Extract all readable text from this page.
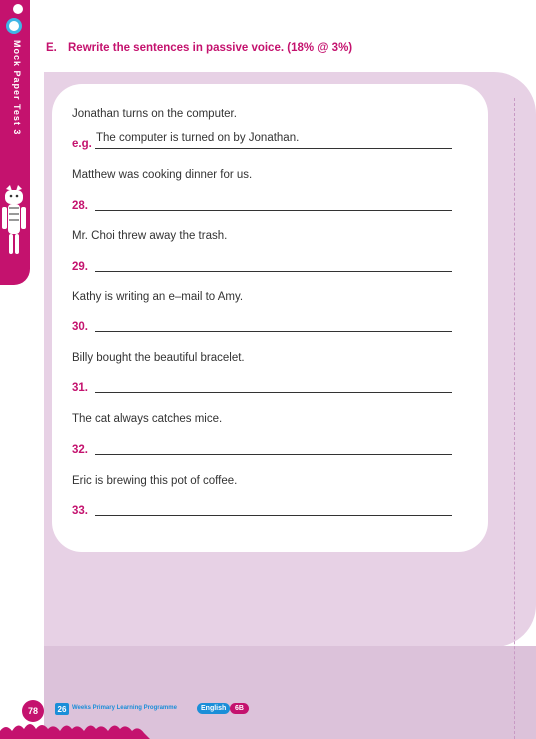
Mock Paper Test 3 E. Rewrite the sentences in passive voice. (18% @ 3%)
Jonathan turns on the computer.
e.g. The computer is turned on by Jonathan.
Matthew was cooking dinner for us.
28.
Mr. Choi threw away the trash.
29.
Kathy is writing an e–mail to Amy.
30.
Billy bought the beautiful bracelet.
31.
The cat always catches mice.
32.
Eric is brewing this pot of coffee.
33.
78	26 Weeks Primary Learning Programme	English	6B
